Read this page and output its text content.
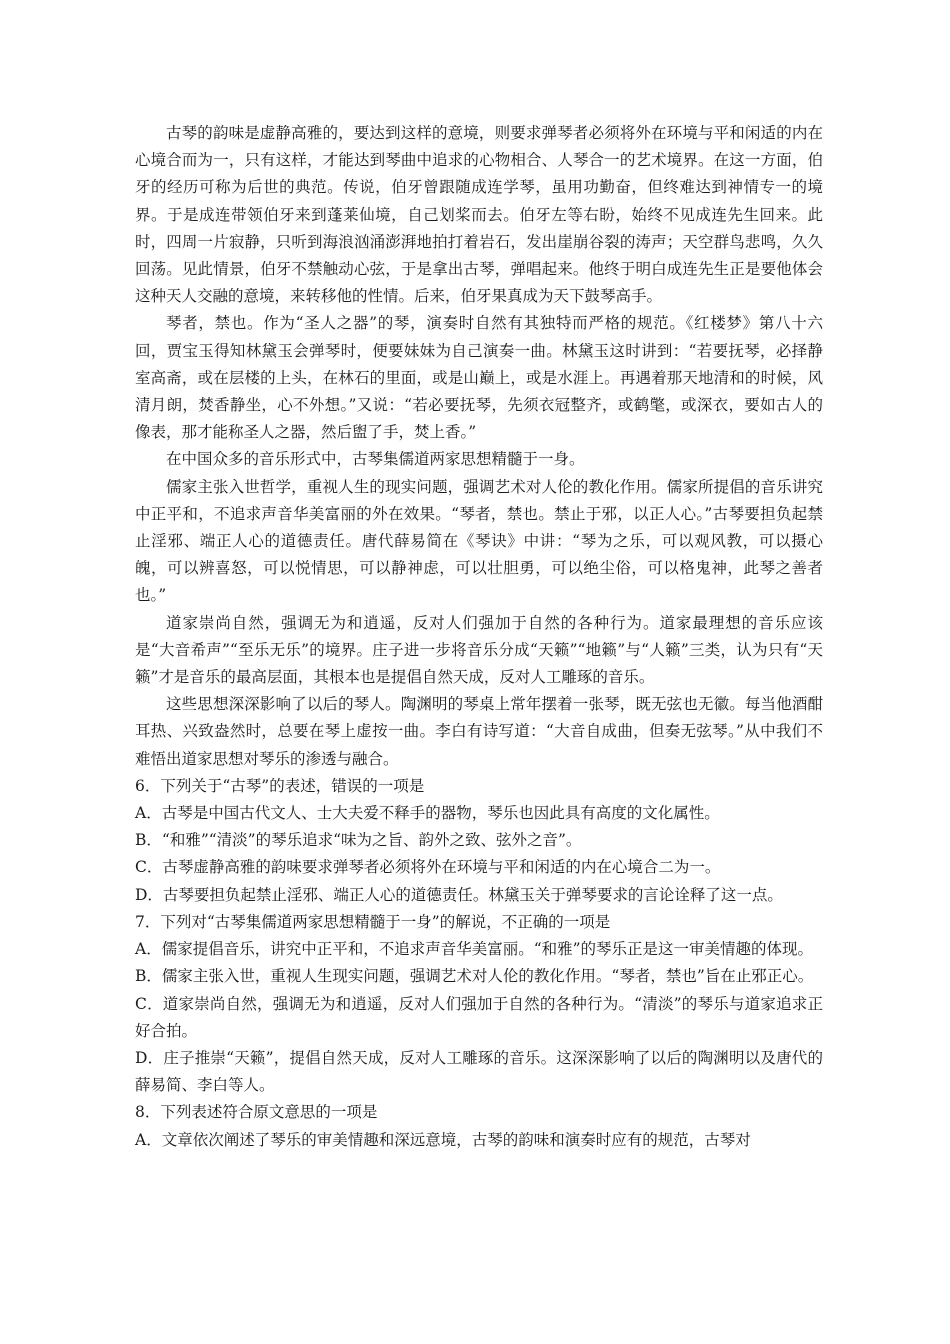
古琴的韵味是虚静高雅的，要达到这样的意境，则要求弹琴者必须将外在环境与平和闲适的内在心境合而为一，只有这样，才能达到琴曲中追求的心物相合、人琴合一的艺术境界。在这一方面，伯牙的经历可称为后世的典范。传说，伯牙曾跟随成连学琴，虽用功勤奋，但终难达到神情专一的境界。于是成连带领伯牙来到蓬莱仙境，自己划桨而去。伯牙左等右盼，始终不见成连先生回来。此时，四周一片寂静，只听到海浪汹涌澎湃地拍打着岩石，发出崖崩谷裂的涛声；天空群鸟悲鸣，久久回荡。见此情景，伯牙不禁触动心弦，于是拿出古琴，弹唱起来。他终于明白成连先生正是要他体会这种天人交融的意境，来转移他的性情。后来，伯牙果真成为天下鼓琴高手。

琴者，禁也。作为“圣人之器”的琴，演奏时自然有其独特而严格的规范。《红楼梦》第八十六回，贾宝玉得知林黛玉会弹琴时，便要妹妹为自己演奏一曲。林黛玉这时讲到：“若要抚琴，必择静室高斋，或在层楼的上头，在林石的里面，或是山巅上，或是水涯上。再遇着那天地清和的时候，风清月朗，焚香静坐，心不外想。”又说：“若必要抚琴，先须衣冠整齐，或鹤氅，或深衣，要如古人的像表，那才能称圣人之器，然后盥了手，焚上香。”

在中国众多的音乐形式中，古琴集儒道两家思想精髓于一身。

儒家主张入世哲学，重视人生的现实问题，强调艺术对人伦的教化作用。儒家所提倡的音乐讲究中正平和，不追求声音华美富丽的外在效果。“琴者，禁也。禁止于邪，以正人心。”古琴要担负起禁止淫邪、端正人心的道德责任。唐代薛易简在《琴诀》中讲：“琴为之乐，可以观风教，可以摄心魄，可以辨喜怒，可以悦情思，可以静神虑，可以壮胆勇，可以绝尘俗，可以格鬼神，此琴之善者也。”

道家崇尚自然，强调无为和逍遥，反对人们强加于自然的各种行为。道家最理想的音乐应该是“大音希声”“至乐无乐”的境界。庄子进一步将音乐分成“天籁”“地籁”与“人籁”三类，认为只有“天籁”才是音乐的最高层面，其根本也是提倡自然天成，反对人工雕琢的音乐。

这些思想深深影响了以后的琴人。陶渊明的琴桌上常年摆着一张琴，既无弦也无徽。每当他酒酣耳热、兴致盎然时，总要在琴上虚按一曲。李白有诗写道：“大音自成曲，但奏无弦琴。”从中我们不难悟出道家思想对琴乐的渗透与融合。

6．下列关于“古琴”的表述，错误的一项是

A．古琴是中国古代文人、士大夫爱不释手的器物，琴乐也因此具有高度的文化属性。

B．“和雅”“清淡”的琴乐追求“味为之旨、韵外之致、弦外之音”。

C．古琴虚静高雅的韵味要求弹琴者必须将外在环境与平和闲适的内在心境合二为一。

D．古琴要担负起禁止淫邪、端正人心的道德责任。林黛玉关于弹琴要求的言论诠释了这一点。

7．下列对“古琴集儒道两家思想精髓于一身”的解说，不正确的一项是

A．儒家提倡音乐，讲究中正平和，不追求声音华美富丽。“和雅”的琴乐正是这一审美情趣的体现。

B．儒家主张入世，重视人生现实问题，强调艺术对人伦的教化作用。“琴者，禁也”旨在止邪正心。

C．道家崇尚自然，强调无为和逍遥，反对人们强加于自然的各种行为。“清淡”的琴乐与道家追求正好合拍。

D．庄子推崇“天籁”，提倡自然天成，反对人工雕琢的音乐。这深深影响了以后的陶渊明以及唐代的薛易简、李白等人。

8．下列表述符合原文意思的一项是

A．文章依次阐述了琴乐的审美情趣和深远意境，古琴的韵味和演奏时应有的规范，古琴对
